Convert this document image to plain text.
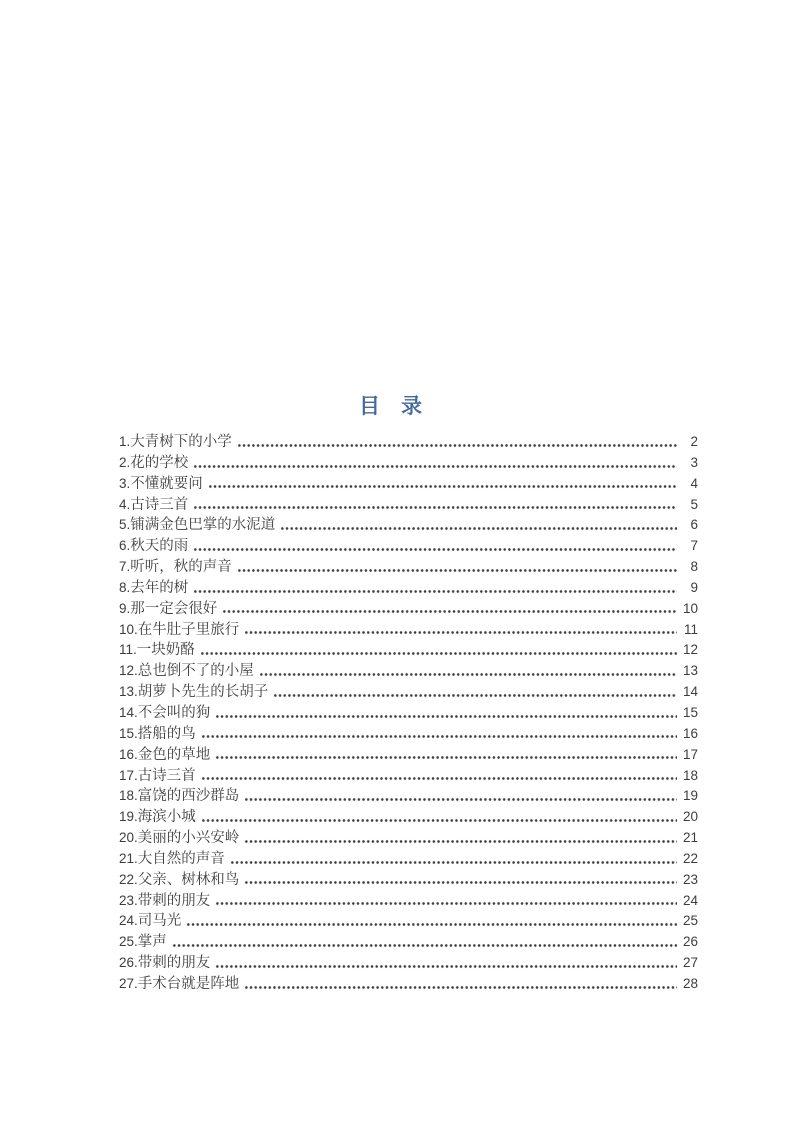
目　录
1. 大青树下的小学	2
2. 花的学校	3
3. 不懂就要问	4
4. 古诗三首	5
5. 铺满金色巴掌的水泥道	6
6. 秋天的雨	7
7. 听听，秋的声音	8
8. 去年的树	9
9. 那一定会很好	10
10. 在牛肚子里旅行	11
11. 一块奶酪	12
12. 总也倒不了的小屋	13
13. 胡萝卜先生的长胡子	14
14. 不会叫的狗	15
15. 搭船的鸟	16
16. 金色的草地	17
17. 古诗三首	18
18. 富饶的西沙群岛	19
19. 海滨小城	20
20. 美丽的小兴安岭	21
21. 大自然的声音	22
22. 父亲、树林和鸟	23
23. 带刺的朋友	24
24. 司马光	25
25. 掌声	26
26. 带刺的朋友	27
27. 手术台就是阵地	28
